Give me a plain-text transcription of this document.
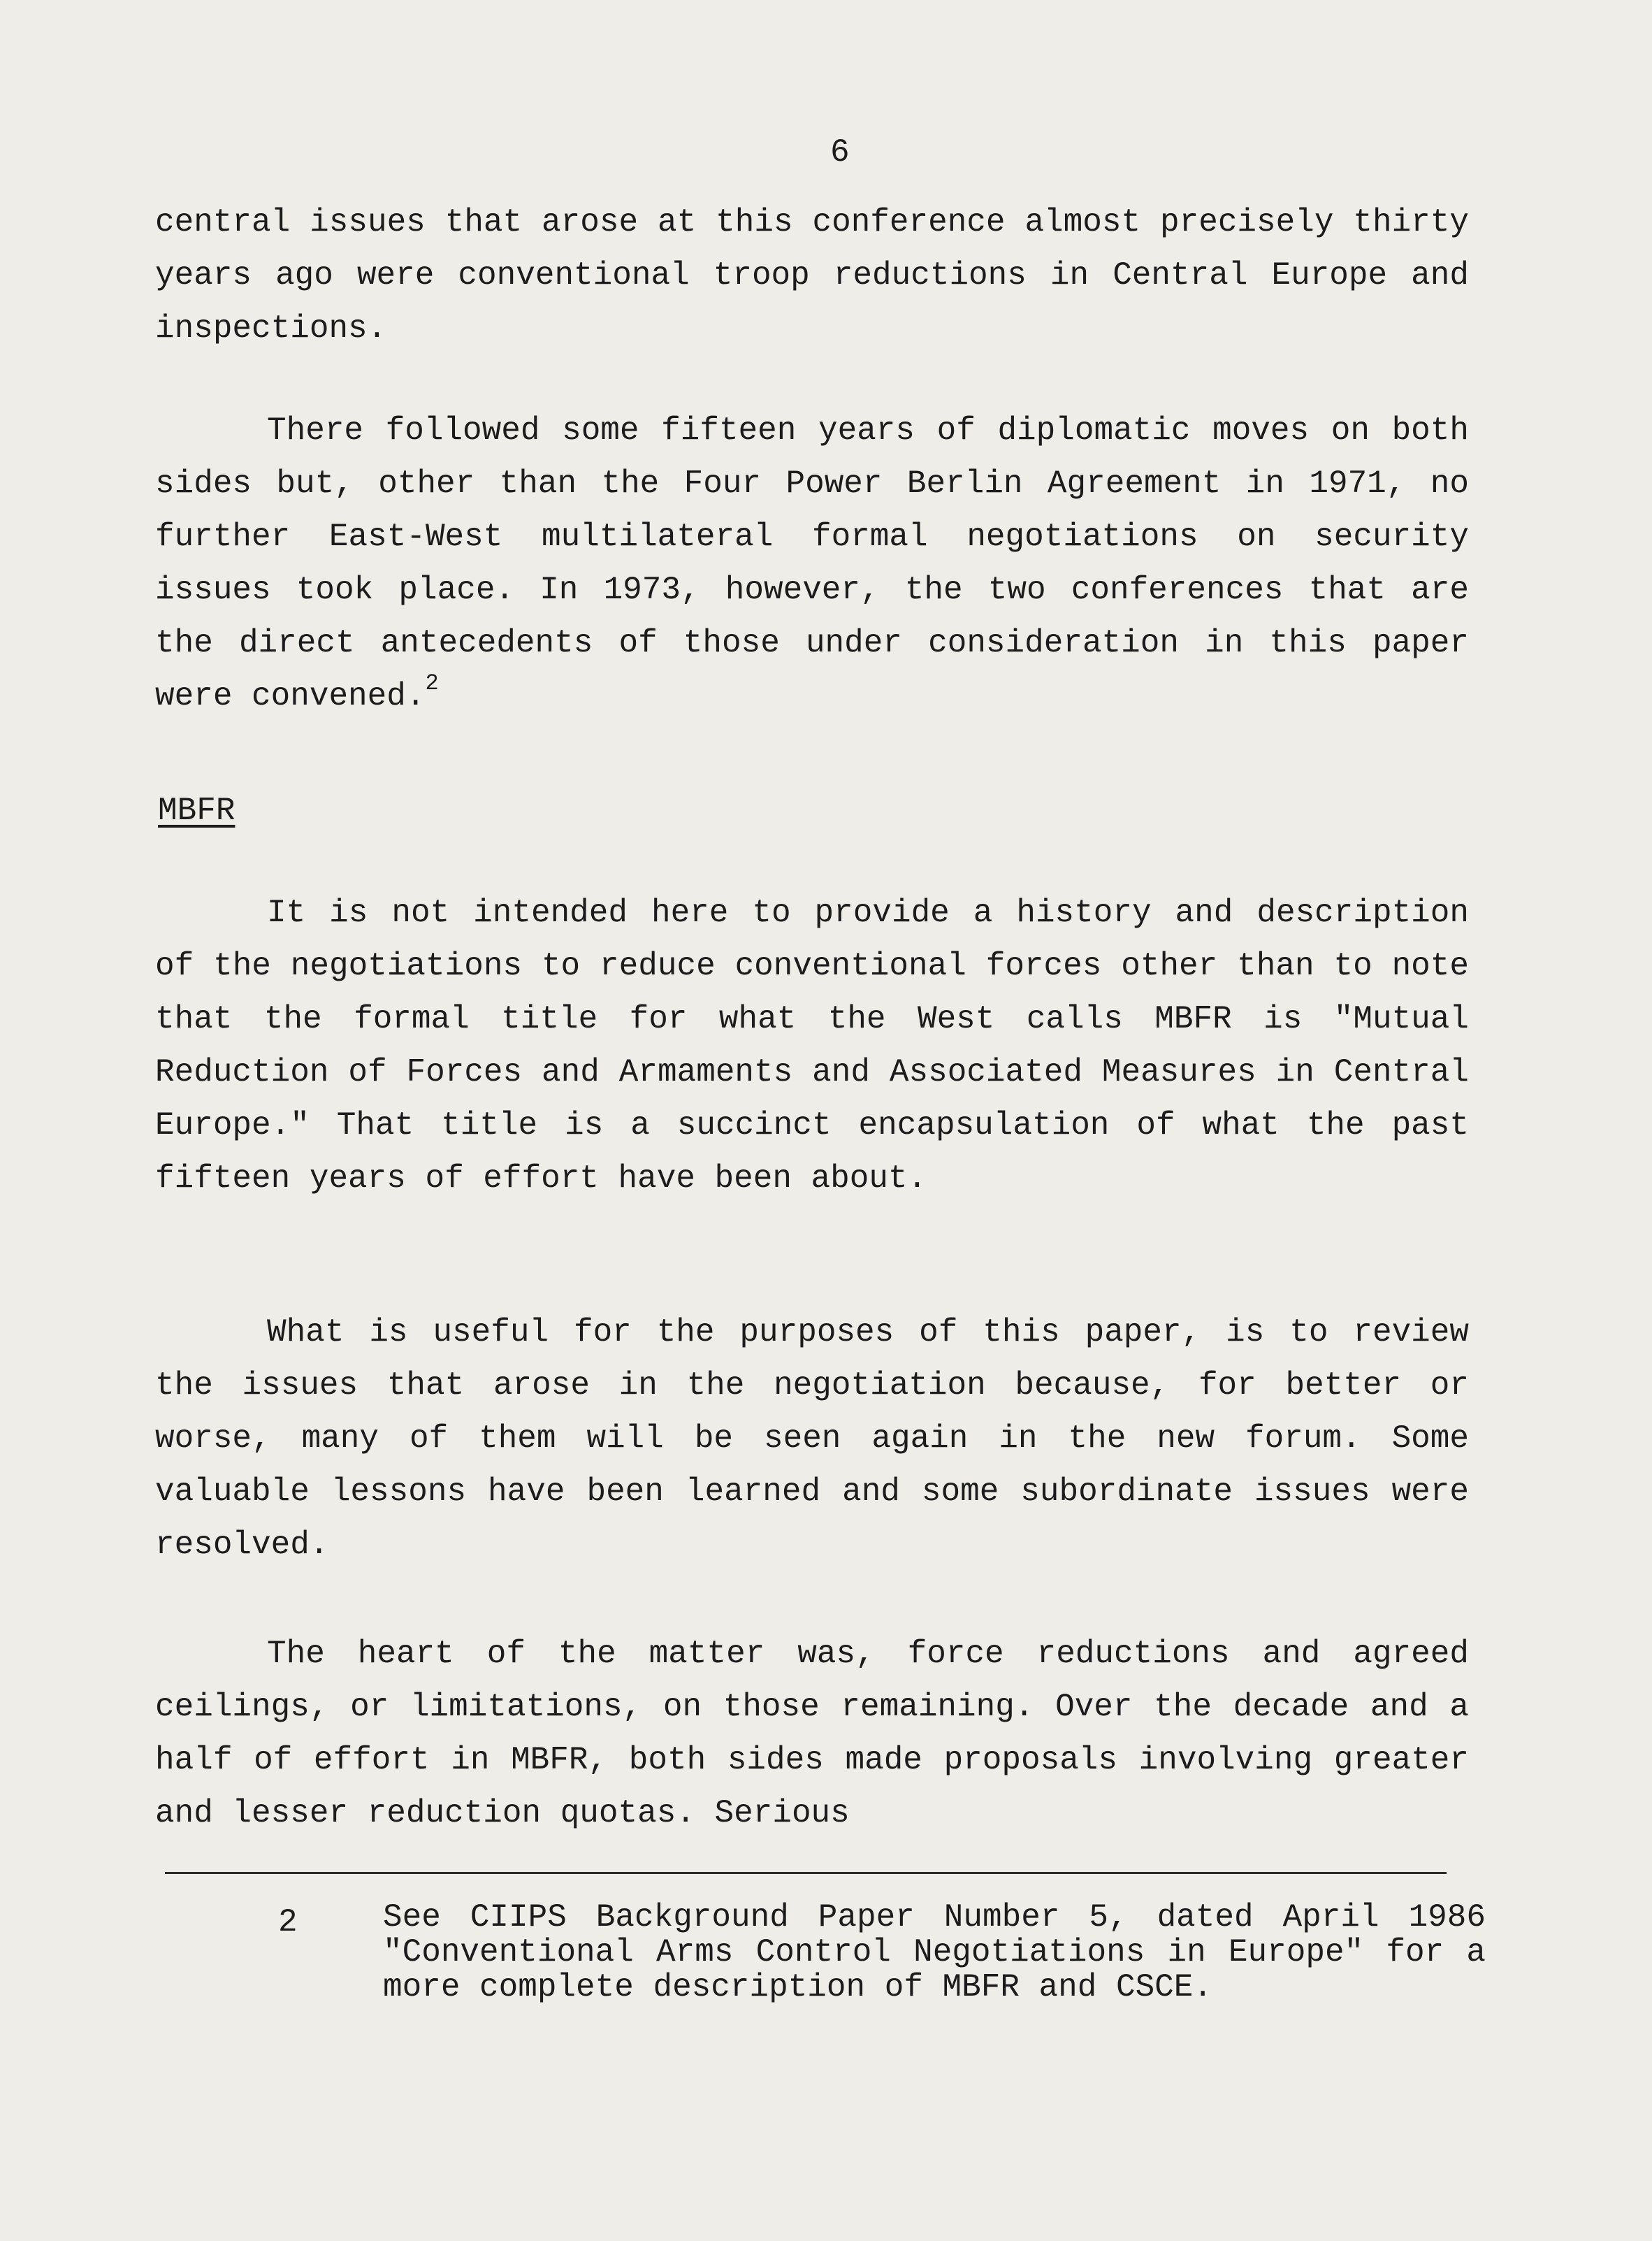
6

central issues that arose at this conference almost precisely thirty years ago were conventional troop reductions in Central Europe and inspections.

There followed some fifteen years of diplomatic moves on both sides but, other than the Four Power Berlin Agreement in 1971, no further East-West multilateral formal negotiations on security issues took place. In 1973, however, the two conferences that are the direct antecedents of those under consideration in this paper were convened.$^2$

MBFR

It is not intended here to provide a history and description of the negotiations to reduce conventional forces other than to note that the formal title for what the West calls MBFR is "Mutual Reduction of Forces and Armaments and Associated Measures in Central Europe." That title is a succinct encapsulation of what the past fifteen years of effort have been about.

What is useful for the purposes of this paper, is to review the issues that arose in the negotiation because, for better or worse, many of them will be seen again in the new forum. Some valuable lessons have been learned and some subordinate issues were resolved.

The heart of the matter was, force reductions and agreed ceilings, or limitations, on those remaining. Over the decade and a half of effort in MBFR, both sides made proposals involving greater and lesser reduction quotas. Serious

2	See CIIPS Background Paper Number 5, dated April 1986 "Conventional Arms Control Negotiations in Europe" for a more complete description of MBFR and CSCE.
